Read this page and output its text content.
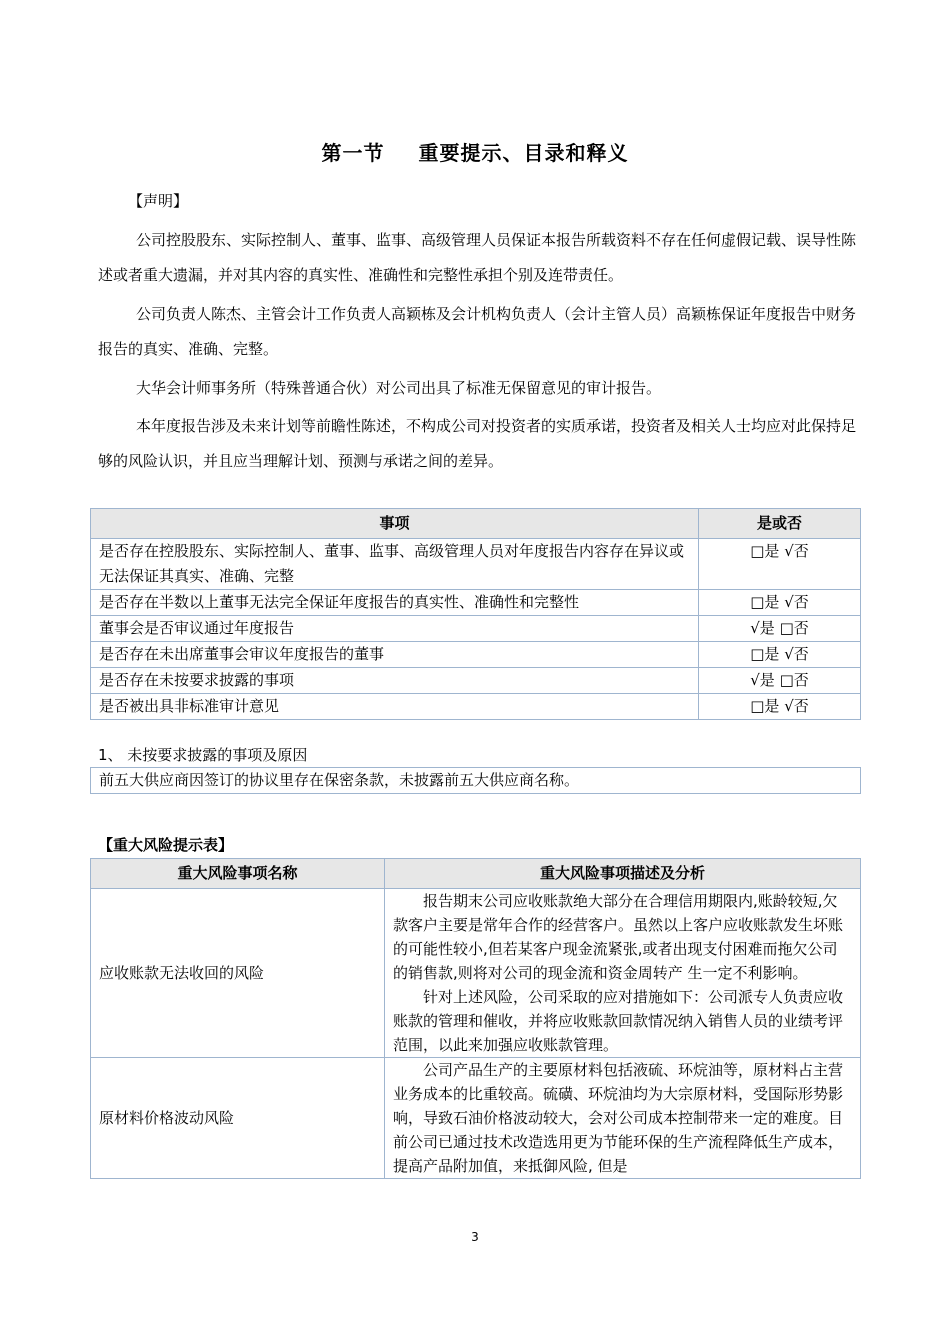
第一节 重要提示、目录和释义
【声明】
公司控股股东、实际控制人、董事、监事、高级管理人员保证本报告所载资料不存在任何虚假记载、误导性陈述或者重大遗漏，并对其内容的真实性、准确性和完整性承担个别及连带责任。
公司负责人陈杰、主管会计工作负责人高颖栋及会计机构负责人（会计主管人员）高颖栋保证年度报告中财务报告的真实、准确、完整。
大华会计师事务所（特殊普通合伙）对公司出具了标准无保留意见的审计报告。
本年度报告涉及未来计划等前瞻性陈述，不构成公司对投资者的实质承诺，投资者及相关人士均应对此保持足够的风险认识，并且应当理解计划、预测与承诺之间的差异。
事项	是或否
是否存在控股股东、实际控制人、董事、监事、高级管理人员对年度报告内容存在异议或无法保证其真实、准确、完整	□是 √否
是否存在半数以上董事无法完全保证年度报告的真实性、准确性和完整性	□是 √否
董事会是否审议通过年度报告	√是 □否
是否存在未出席董事会审议年度报告的董事	□是 √否
是否存在未按要求披露的事项	√是 □否
是否被出具非标准审计意见	□是 √否
1、 未按要求披露的事项及原因
前五大供应商因签订的协议里存在保密条款，未披露前五大供应商名称。
【重大风险提示表】
重大风险事项名称	重大风险事项描述及分析
应收账款无法收回的风险	报告期末公司应收账款绝大部分在合理信用期限内,账龄较短,欠款客户主要是常年合作的经营客户。虽然以上客户应收账款发生坏账的可能性较小,但若某客户现金流紧张,或者出现支付困难而拖欠公司的销售款,则将对公司的现金流和资金周转产 生一定不利影响。

针对上述风险，公司采取的应对措施如下：公司派专人负责应收账款的管理和催收，并将应收账款回款情况纳入销售人员的业绩考评范围，以此来加强应收账款管理。

原材料价格波动风险	公司产品生产的主要原材料包括液硫、环烷油等，原材料占主营业务成本的比重较高。硫磺、环烷油均为大宗原材料，受国际形势影响，导致石油价格波动较大，会对公司成本控制带来一定的难度。目前公司已通过技术改造选用更为节能环保的生产流程降低生产成本，提高产品附加值，来抵御风险, 但是

3
